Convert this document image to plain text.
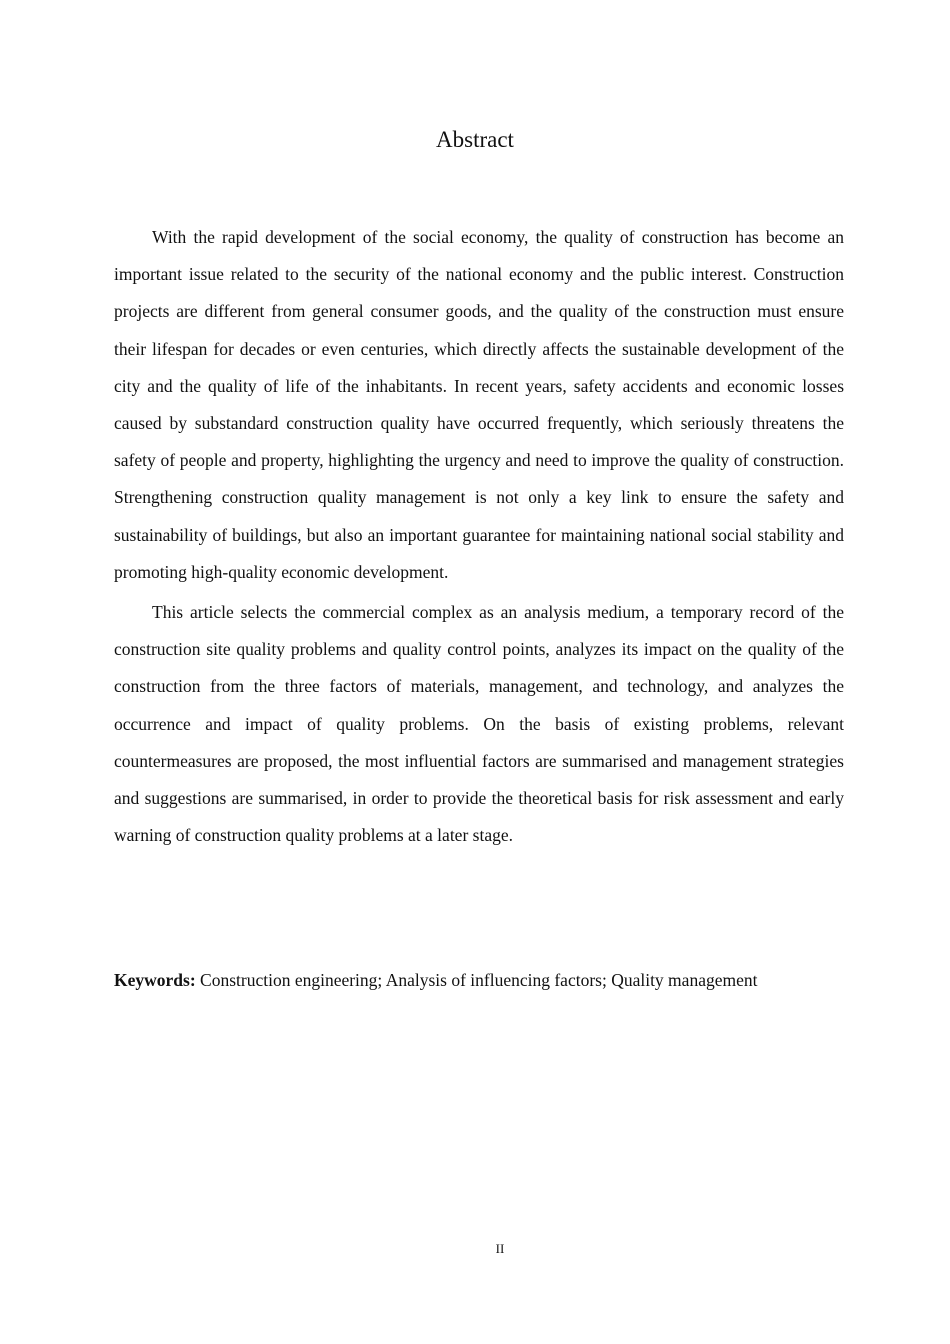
Abstract

With the rapid development of the social economy, the quality of construction has become an important issue related to the security of the national economy and the public interest. Construction projects are different from general consumer goods, and the quality of the construction must ensure their lifespan for decades or even centuries, which directly affects the sustainable development of the city and the quality of life of the inhabitants. In recent years, safety accidents and economic losses caused by substandard construction quality have occurred frequently, which seriously threatens the safety of people and property, highlighting the urgency and need to improve the quality of construction. Strengthening construction quality management is not only a key link to ensure the safety and sustainability of buildings, but also an important guarantee for maintaining national social stability and promoting high-quality economic development.

This article selects the commercial complex as an analysis medium, a temporary record of the construction site quality problems and quality control points, analyzes its impact on the quality of the construction from the three factors of materials, management, and technology, and analyzes the occurrence and impact of quality problems. On the basis of existing problems, relevant countermeasures are proposed, the most influential factors are summarised and management strategies and suggestions are summarised, in order to provide the theoretical basis for risk assessment and early warning of construction quality problems at a later stage.

Keywords: Construction engineering; Analysis of influencing factors; Quality management

II
